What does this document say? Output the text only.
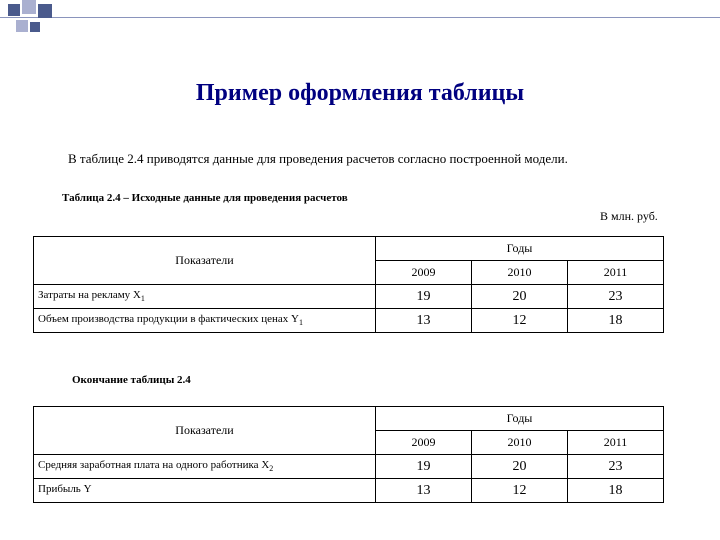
Пример оформления таблицы
В таблице 2.4 приводятся данные для проведения расчетов согласно построенной модели.
Таблица 2.4 – Исходные данные для проведения расчетов
В млн. руб.
Показатели	Годы		
	2009	2010	2011
Затраты на рекламу $X_1$	19	20	23
Объем производства продукции в фактических ценах $Y_1$	13	12	18
Окончание таблицы 2.4
Показатели	Годы		
	2009	2010	2011
Средняя заработная плата на одного работника $X_2$	19	20	23
Прибыль Y	13	12	18
